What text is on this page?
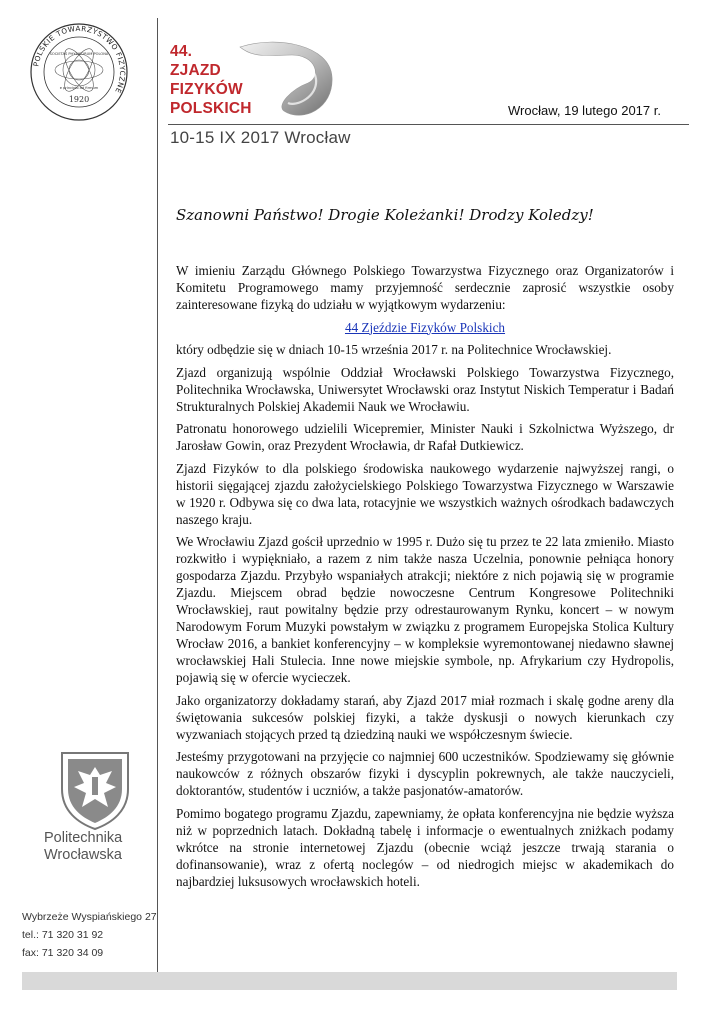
POLSKIE TOWARZYSTWO FIZYCZNE
SOCIETAS PHYSICORUM POLONA
e principio ad firmum
1920
44.
ZJAZD
FIZYKÓW
POLSKICH	Wrocław, 19 lutego 2017 r.
10-15 IX 2017 Wrocław
Szanowni Państwo! Drogie Koleżanki! Drodzy Koledzy!

W imieniu Zarządu Głównego Polskiego Towarzystwa Fizycznego oraz Organizatorów i Komitetu Programowego mamy przyjemność serdecznie zaprosić wszystkie osoby zainteresowane fizyką do udziału w wyjątkowym wydarzeniu:

44 Zjeździe Fizyków Polskich

który odbędzie się w dniach 10-15 września 2017 r. na Politechnice Wrocławskiej.

Zjazd organizują wspólnie Oddział Wrocławski Polskiego Towarzystwa Fizycznego, Politechnika Wrocławska, Uniwersytet Wrocławski oraz Instytut Niskich Temperatur i Badań Strukturalnych Polskiej Akademii Nauk we Wrocławiu.

Patronatu honorowego udzielili Wicepremier, Minister Nauki i Szkolnictwa Wyższego, dr Jarosław Gowin, oraz Prezydent Wrocławia, dr Rafał Dutkiewicz.

Zjazd Fizyków to dla polskiego środowiska naukowego wydarzenie najwyższej rangi, o historii sięgającej zjazdu założycielskiego Polskiego Towarzystwa Fizycznego w Warszawie w 1920 r. Odbywa się co dwa lata, rotacyjnie we wszystkich ważnych ośrodkach badawczych naszego kraju.

We Wrocławiu Zjazd gościł uprzednio w 1995 r. Dużo się tu przez te 22 lata zmieniło. Miasto rozkwitło i wypiękniało, a razem z nim także nasza Uczelnia, ponownie pełniąca honory gospodarza Zjazdu. Przybyło wspaniałych atrakcji; niektóre z nich pojawią się w programie Zjazdu. Miejscem obrad będzie nowoczesne Centrum Kongresowe Politechniki Wrocławskiej, raut powitalny będzie przy odrestaurowanym Rynku, koncert – w nowym Narodowym Forum Muzyki powstałym w związku z programem Europejska Stolica Kultury Wrocław 2016, a bankiet konferencyjny – w kompleksie wyremontowanej niedawno sławnej wrocławskiej Hali Stulecia. Inne nowe miejskie symbole, np. Afrykarium czy Hydropolis, pojawią się w ofercie wycieczek.

Jako organizatorzy dokładamy starań, aby Zjazd 2017 miał rozmach i skalę godne areny dla świętowania sukcesów polskiej fizyki, a także dyskusji o nowych kierunkach czy wyzwaniach stojących przed tą dziedziną nauki we współczesnym świecie.

Jesteśmy przygotowani na przyjęcie co najmniej 600 uczestników. Spodziewamy się głównie naukowców z różnych obszarów fizyki i dyscyplin pokrewnych, ale także nauczycieli, doktorantów, studentów i uczniów, a także pasjonatów-amatorów.

Pomimo bogatego programu Zjazdu, zapewniamy, że opłata konferencyjna nie będzie wyższa niż w poprzednich latach. Dokładną tabelę i informacje o ewentualnych zniżkach podamy wkrótce na stronie internetowej Zjazdu (obecnie wciąż jeszcze trwają starania o dofinansowanie), wraz z ofertą noclegów – od niedrogich miejsc w akademikach do najbardziej luksusowych wrocławskich hoteli.

Politechnika
Wrocławska
Wybrzeże Wyspiańskiego 27
tel.: 71 320 31 92
fax: 71 320 34 09
